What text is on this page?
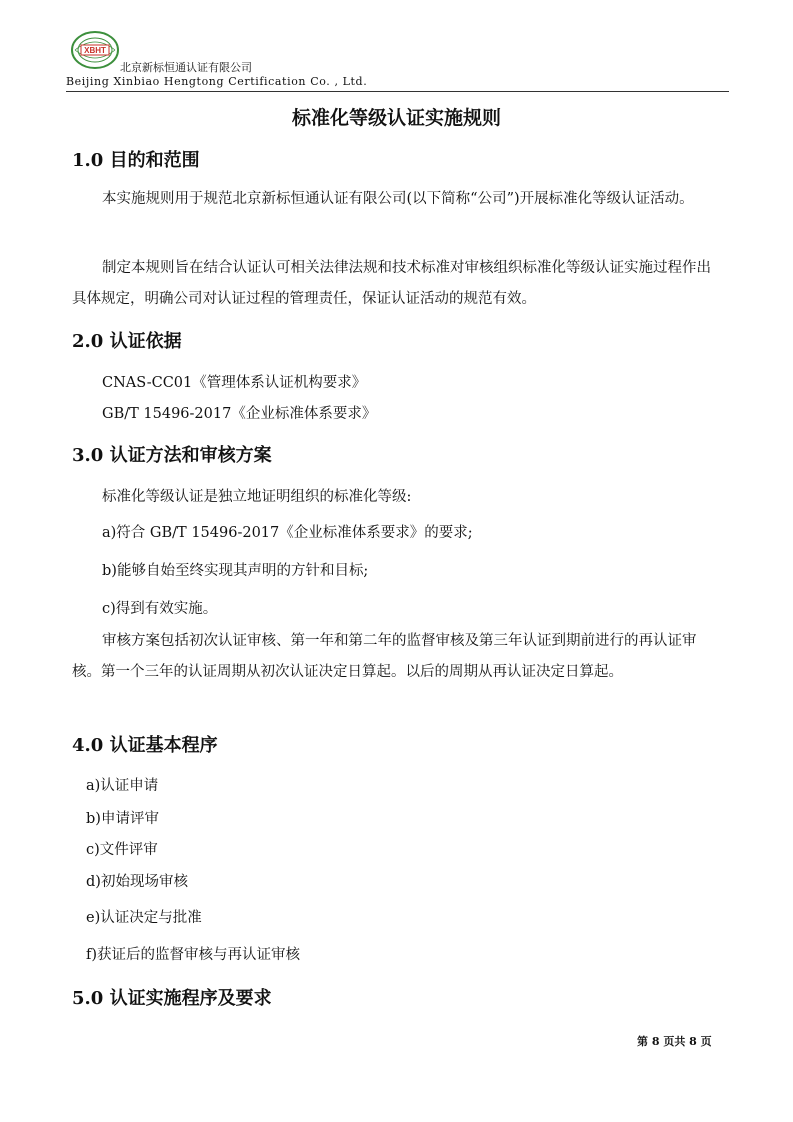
XBHT
北京新标恒通认证有限公司
Beijing Xinbiao Hengtong Certification Co. , Ltd.
标准化等级认证实施规则
1.0 目的和范围

本实施规则用于规范北京新标恒通认证有限公司(以下简称“公司”)开展标准化等级认证活动。

制定本规则旨在结合认证认可相关法律法规和技术标准对审核组织标准化等级认证实施过程作出具体规定，明确公司对认证过程的管理责任，保证认证活动的规范有效。

2.0 认证依据
CNAS-CC01《管理体系认证机构要求》
GB/T 15496-2017《企业标准体系要求》
3.0 认证方法和审核方案
标准化等级认证是独立地证明组织的标准化等级:
a)符合 GB/T 15496-2017《企业标准体系要求》的要求;
b)能够自始至终实现其声明的方针和目标;
c)得到有效实施。

审核方案包括初次认证审核、第一年和第二年的监督审核及第三年认证到期前进行的再认证审核。第一个三年的认证周期从初次认证决定日算起。以后的周期从再认证决定日算起。

4.0 认证基本程序
a)认证申请
b)申请评审
c)文件评审
d)初始现场审核
e)认证决定与批准
f)获证后的监督审核与再认证审核
5.0 认证实施程序及要求
第 8 页共 8 页
